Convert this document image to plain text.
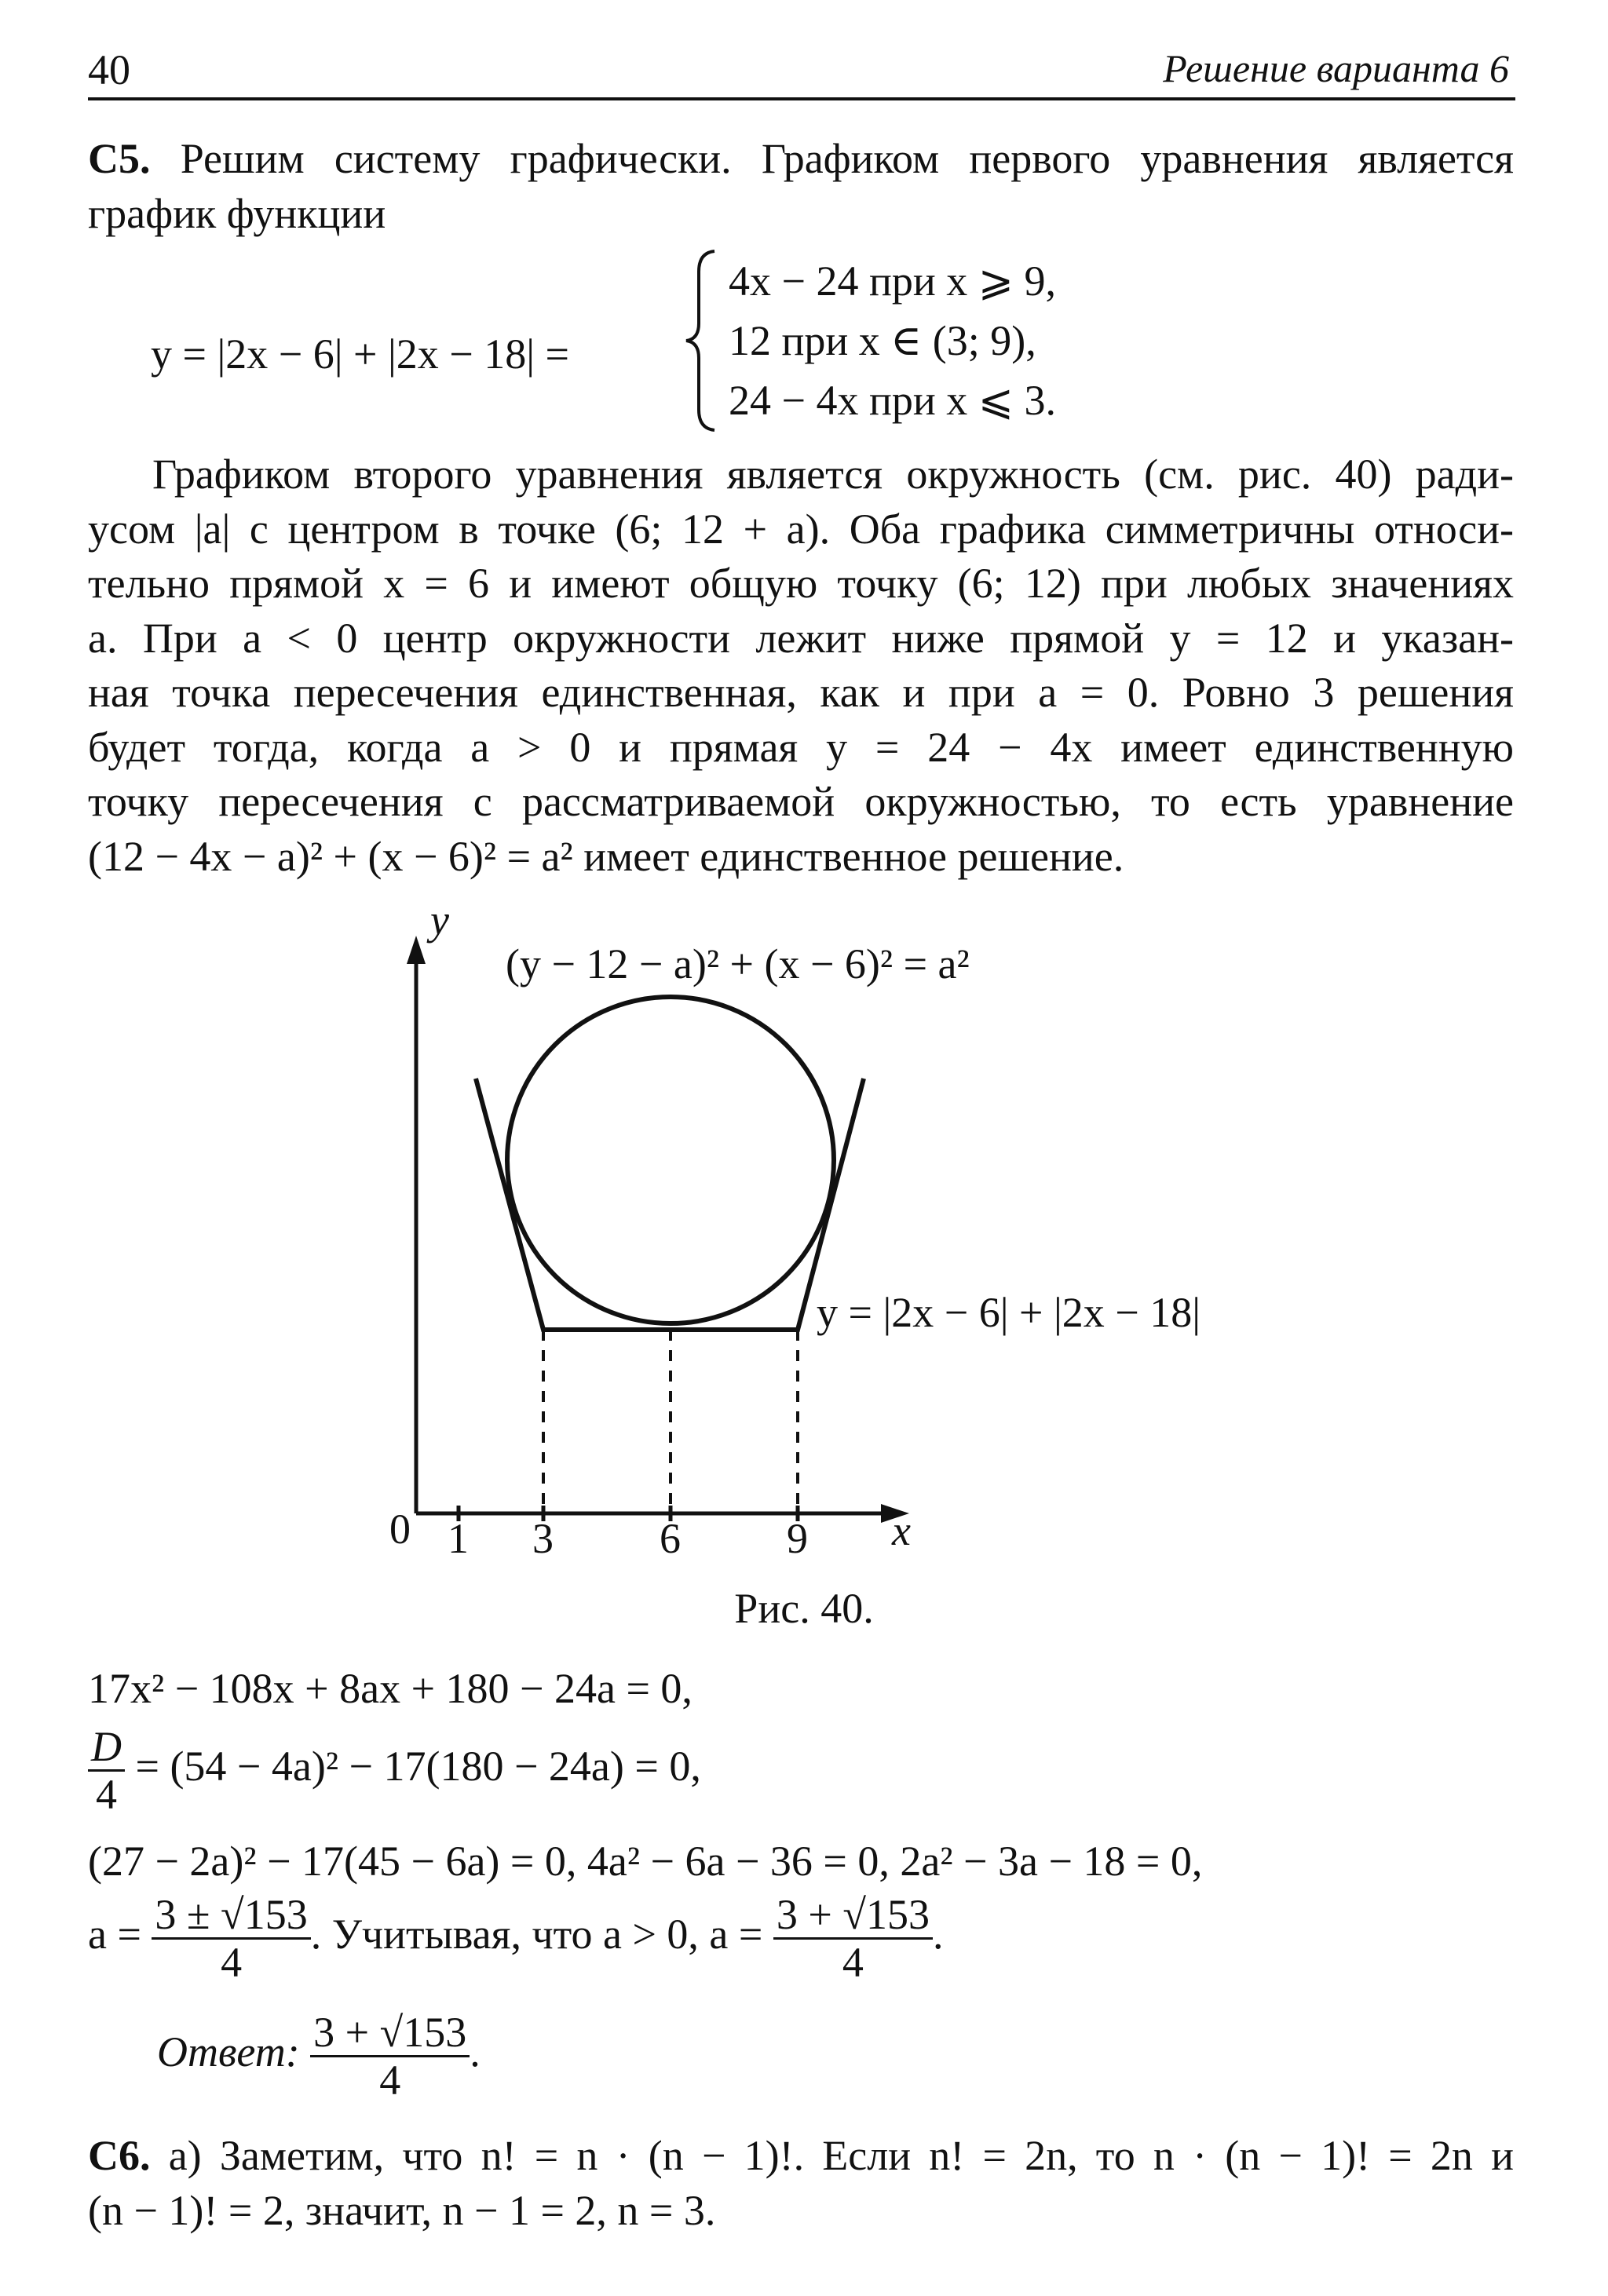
40	Решение варианта 6
С5. Решим систему графически. Графиком первого уравнения является
график функции
y = |2x − 6| + |2x − 18| =
4x − 24 при x ⩾ 9,
12 при x ∈ (3; 9),
24 − 4x при x ⩽ 3.
Графиком второго уравнения является окружность (см. рис. 40) ради-
усом |a| с центром в точке (6; 12 + a). Оба графика симметричны относи-
тельно прямой x = 6 и имеют общую точку (6; 12) при любых значениях
a. При a < 0 центр окружности лежит ниже прямой y = 12 и указан-
ная точка пересечения единственная, как и при a = 0. Ровно 3 решения
будет тогда, когда a > 0 и прямая y = 24 − 4x имеет единственную
точку пересечения с рассматриваемой окружностью, то есть уравнение
(12 − 4x − a)² + (x − 6)² = a² имеет единственное решение.
y
x
0 1 3	6	9
(y − 12 − a)² + (x − 6)² = a²
y = |2x − 6| + |2x − 18|
Рис. 40.
17x² − 108x + 8ax + 180 − 24a = 0,
$\frac{D}{4} = (54 - 4a)^2 - 17(180 - 24a) = 0$,
(27 − 2a)² − 17(45 − 6a) = 0, 4a² − 6a − 36 = 0, 2a² − 3a − 18 = 0,
$a = \frac{3 \pm √153}{4}$ . Учитывая, что a > 0, $a = \frac{3 + √153}{4}$ .
Ответ: $\frac{3 + √153}{4}$ .
С6. а) Заметим, что n! = n · (n − 1)!. Если n! = 2n, то n · (n − 1)! = 2n и
(n − 1)! = 2, значит, n − 1 = 2, n = 3.
